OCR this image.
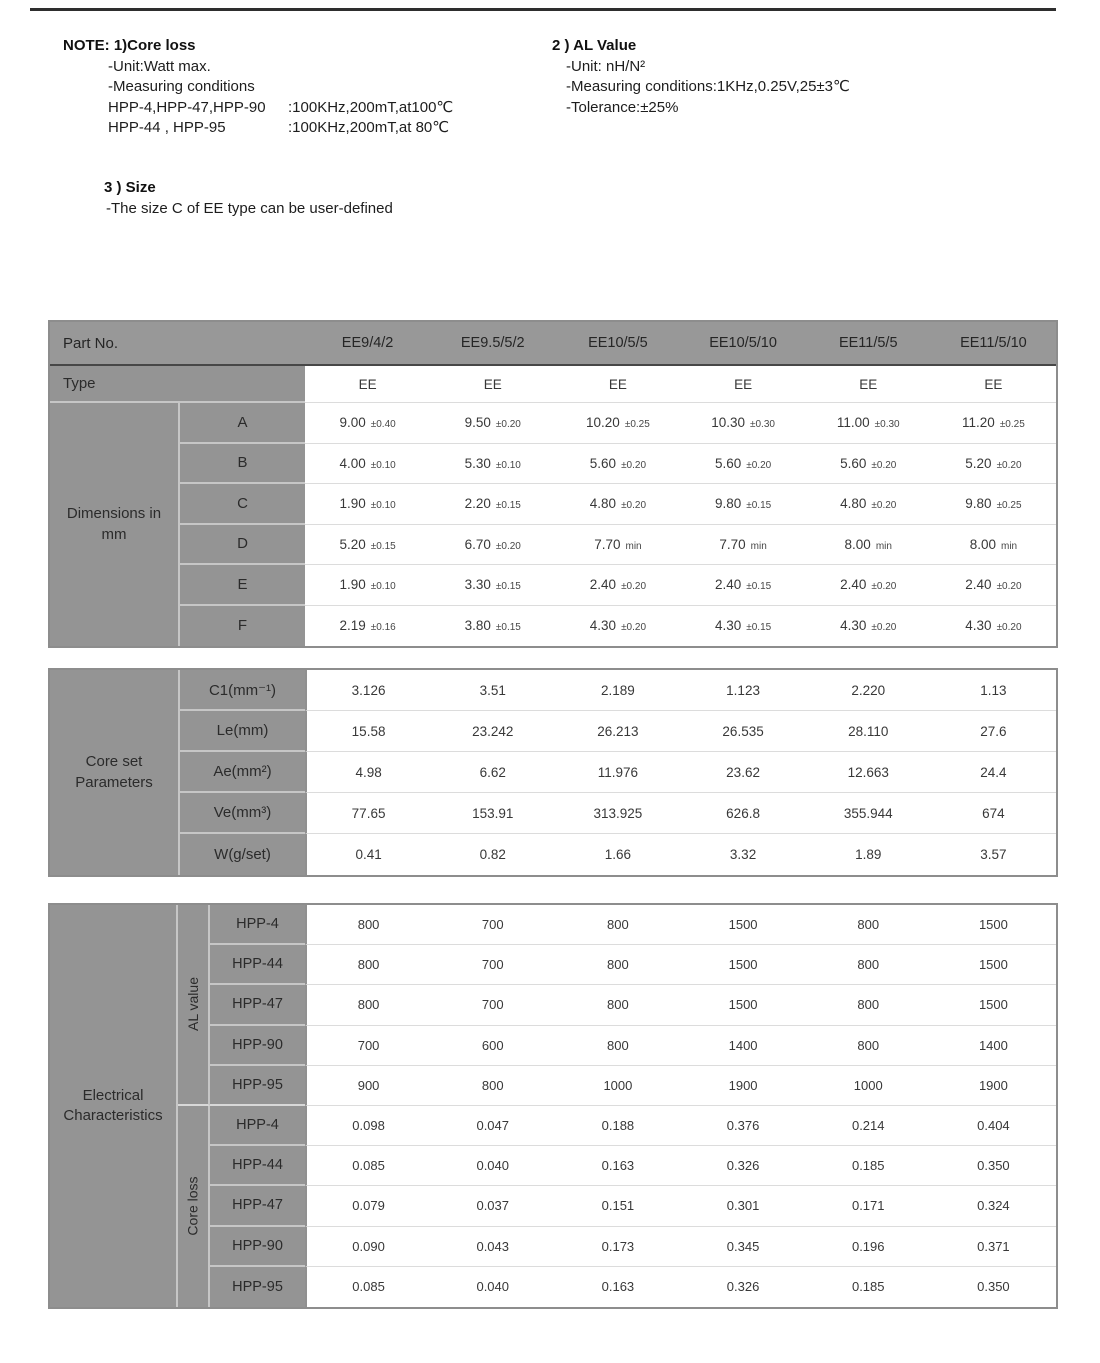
NOTE: 1)Core loss
-Unit:Watt max.
-Measuring conditions
HPP-4,HPP-47,HPP-90	:100KHz,200mT,at100℃
HPP-44 , HPP-95	:100KHz,200mT,at 80℃
2 ) AL Value
-Unit: nH/N²
-Measuring conditions:1KHz,0.25V,25±3℃
-Tolerance:±25%
3 ) Size
-The size C of EE type can be user-defined
Part No.	EE9/4/2	EE9.5/5/2	EE10/5/5	EE10/5/10	EE11/5/5	EE11/5/10
Type	EE	EE	EE	EE	EE	EE
Dimensions in mm
A	9.00 ±0.40	9.50 ±0.20	10.20 ±0.25	10.30 ±0.30	11.00 ±0.30	11.20 ±0.25
B	4.00 ±0.10	5.30 ±0.10	5.60 ±0.20	5.60 ±0.20	5.60 ±0.20	5.20 ±0.20
C	1.90 ±0.10	2.20 ±0.15	4.80 ±0.20	9.80 ±0.15	4.80 ±0.20	9.80 ±0.25
D	5.20 ±0.15	6.70 ±0.20	7.70 min	7.70 min	8.00 min	8.00 min
E	1.90 ±0.10	3.30 ±0.15	2.40 ±0.20	2.40 ±0.15	2.40 ±0.20	2.40 ±0.20
F	2.19 ±0.16	3.80 ±0.15	4.30 ±0.20	4.30 ±0.15	4.30 ±0.20	4.30 ±0.20
Core set Parameters
C1(mm⁻¹)	3.126	3.51	2.189	1.123	2.220	1.13
Le(mm)	15.58	23.242	26.213	26.535	28.110	27.6
Ae(mm²)	4.98	6.62	11.976	23.62	12.663	24.4
Ve(mm³)	77.65	153.91	313.925	626.8	355.944	674
W(g/set)	0.41	0.82	1.66	3.32	1.89	3.57
Electrical Characteristics
AL value
HPP-4	800	700	800	1500	800	1500
HPP-44	800	700	800	1500	800	1500
HPP-47	800	700	800	1500	800	1500
HPP-90	700	600	800	1400	800	1400
HPP-95	900	800	1000	1900	1000	1900
Core loss
HPP-4	0.098	0.047	0.188	0.376	0.214	0.404
HPP-44	0.085	0.040	0.163	0.326	0.185	0.350
HPP-47	0.079	0.037	0.151	0.301	0.171	0.324
HPP-90	0.090	0.043	0.173	0.345	0.196	0.371
HPP-95	0.085	0.040	0.163	0.326	0.185	0.350
